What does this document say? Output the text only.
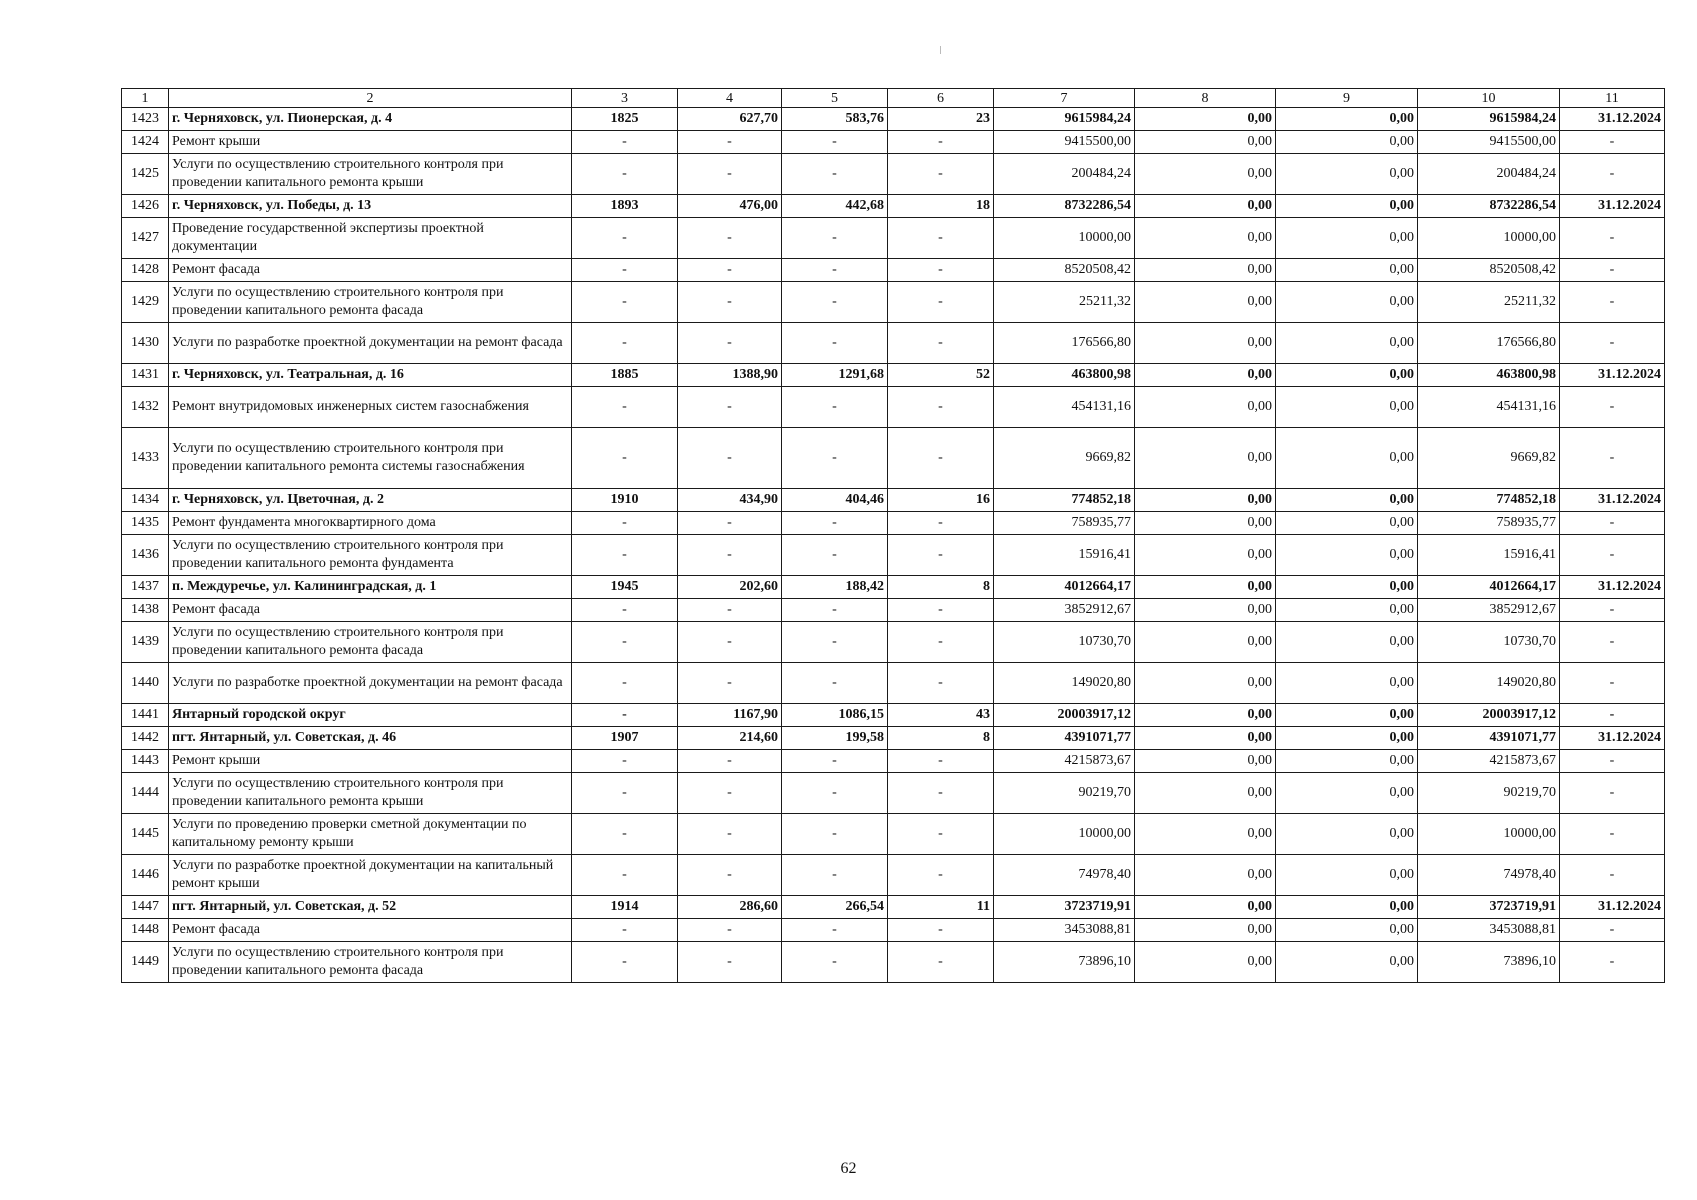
1	2	3	4	5	6	7	8	9	10	11
1423	г. Черняховск, ул. Пионерская, д. 4	1825	627,70	583,76	23	9615984,24	0,00	0,00	9615984,24	31.12.2024
1424	Ремонт крыши	-	-	-	-	9415500,00	0,00	0,00	9415500,00	-
1425	Услуги по осуществлению строительного контроля при проведении капитального ремонта крыши	-	-	-	-	200484,24	0,00	0,00	200484,24	-
1426	г. Черняховск, ул. Победы, д. 13	1893	476,00	442,68	18	8732286,54	0,00	0,00	8732286,54	31.12.2024
1427	Проведение государственной экспертизы проектной документации	-	-	-	-	10000,00	0,00	0,00	10000,00	-
1428	Ремонт фасада	-	-	-	-	8520508,42	0,00	0,00	8520508,42	-
1429	Услуги по осуществлению строительного контроля при проведении капитального ремонта фасада	-	-	-	-	25211,32	0,00	0,00	25211,32	-
1430	Услуги по разработке проектной документации на ремонт фасада	-	-	-	-	176566,80	0,00	0,00	176566,80	-
1431	г. Черняховск, ул. Театральная, д. 16	1885	1388,90	1291,68	52	463800,98	0,00	0,00	463800,98	31.12.2024
1432	Ремонт внутридомовых инженерных систем газоснабжения	-	-	-	-	454131,16	0,00	0,00	454131,16	-
1433	Услуги по осуществлению строительного контроля при проведении капитального ремонта системы газоснабжения	-	-	-	-	9669,82	0,00	0,00	9669,82	-
1434	г. Черняховск, ул. Цветочная, д. 2	1910	434,90	404,46	16	774852,18	0,00	0,00	774852,18	31.12.2024
1435	Ремонт фундамента многоквартирного дома	-	-	-	-	758935,77	0,00	0,00	758935,77	-
1436	Услуги по осуществлению строительного контроля при проведении капитального ремонта фундамента	-	-	-	-	15916,41	0,00	0,00	15916,41	-
1437	п. Междуречье, ул. Калининградская, д. 1	1945	202,60	188,42	8	4012664,17	0,00	0,00	4012664,17	31.12.2024
1438	Ремонт фасада	-	-	-	-	3852912,67	0,00	0,00	3852912,67	-
1439	Услуги по осуществлению строительного контроля при проведении капитального ремонта фасада	-	-	-	-	10730,70	0,00	0,00	10730,70	-
1440	Услуги по разработке проектной документации на ремонт фасада	-	-	-	-	149020,80	0,00	0,00	149020,80	-
1441	Янтарный городской округ	-	1167,90	1086,15	43	20003917,12	0,00	0,00	20003917,12	-
1442	пгт. Янтарный, ул. Советская, д. 46	1907	214,60	199,58	8	4391071,77	0,00	0,00	4391071,77	31.12.2024
1443	Ремонт крыши	-	-	-	-	4215873,67	0,00	0,00	4215873,67	-
1444	Услуги по осуществлению строительного контроля при проведении капитального ремонта крыши	-	-	-	-	90219,70	0,00	0,00	90219,70	-
1445	Услуги по проведению проверки сметной документации по капитальному ремонту крыши	-	-	-	-	10000,00	0,00	0,00	10000,00	-
1446	Услуги по разработке проектной документации на капитальный ремонт крыши	-	-	-	-	74978,40	0,00	0,00	74978,40	-
1447	пгт. Янтарный, ул. Советская, д. 52	1914	286,60	266,54	11	3723719,91	0,00	0,00	3723719,91	31.12.2024
1448	Ремонт фасада	-	-	-	-	3453088,81	0,00	0,00	3453088,81	-
1449	Услуги по осуществлению строительного контроля при проведении капитального ремонта фасада	-	-	-	-	73896,10	0,00	0,00	73896,10	-
62
